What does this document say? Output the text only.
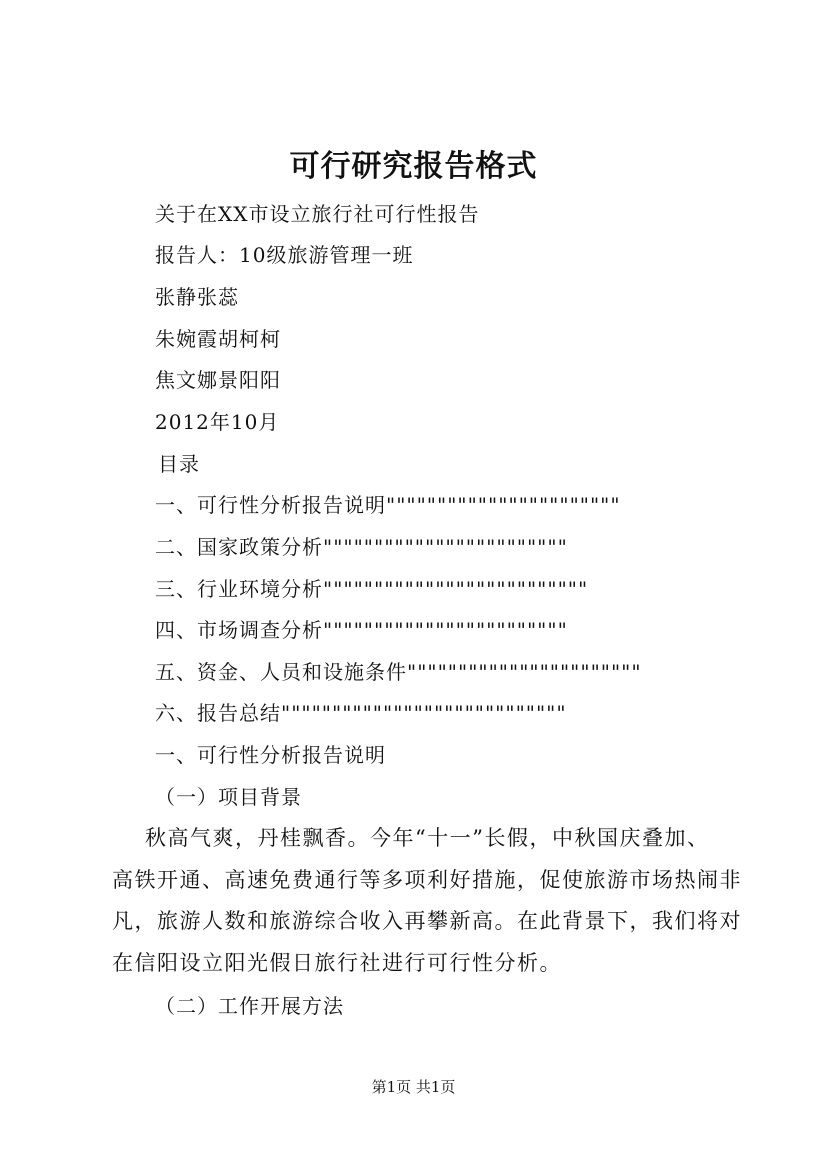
可行研究报告格式
关于在XX市设立旅行社可行性报告
报告人：10级旅游管理一班
张静张蕊
朱婉霞胡柯柯
焦文娜景阳阳
2012年10月
目录
一、可行性分析报告说明"""""""""""""""""""""""
二、国家政策分析""""""""""""""""""""""""
三、行业环境分析""""""""""""""""""""""""""
四、市场调查分析""""""""""""""""""""""""
五、资金、人员和设施条件"""""""""""""""""""""""
六、报告总结""""""""""""""""""""""""""""
一、可行性分析报告说明
（一）项目背景
秋高气爽，丹桂飘香。今年“十一”长假，中秋国庆叠加、
高铁开通、高速免费通行等多项利好措施，促使旅游市场热闹非
凡，旅游人数和旅游综合收入再攀新高。在此背景下，我们将对
在信阳设立阳光假日旅行社进行可行性分析。
（二）工作开展方法
第1页 共1页
